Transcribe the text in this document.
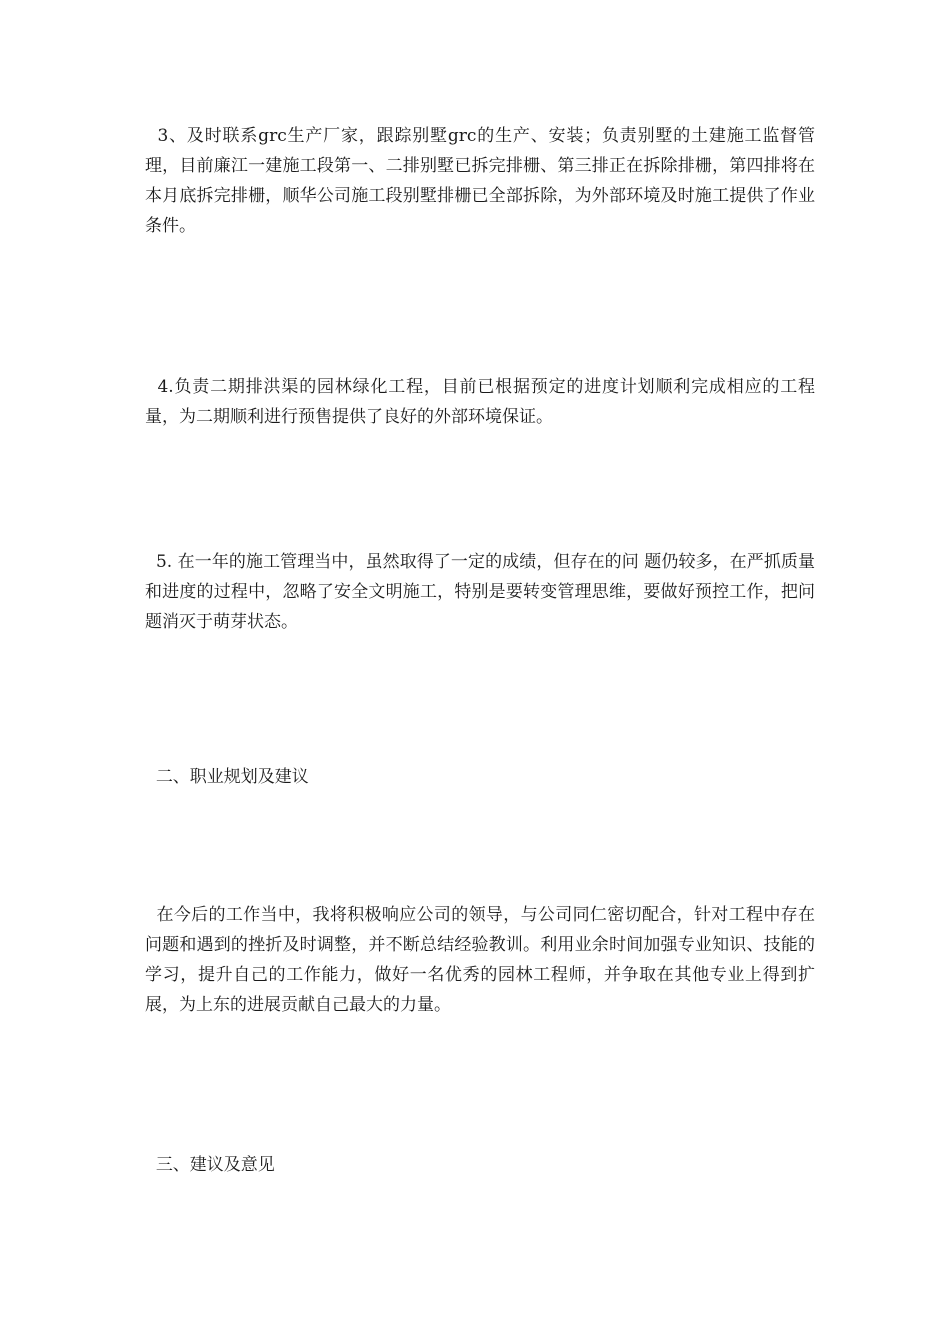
3、及时联系grc生产厂家，跟踪别墅grc的生产、安装；负责别墅的土建施工监督管理，目前廉江一建施工段第一、二排别墅已拆完排栅、第三排正在拆除排栅，第四排将在本月底拆完排栅，顺华公司施工段别墅排栅已全部拆除，为外部环境及时施工提供了作业条件。

4.负责二期排洪渠的园林绿化工程，目前已根据预定的进度计划顺利完成相应的工程量，为二期顺利进行预售提供了良好的外部环境保证。

5. 在一年的施工管理当中，虽然取得了一定的成绩，但存在的问 题仍较多，在严抓质量和进度的过程中，忽略了安全文明施工，特别是要转变管理思维，要做好预控工作，把问题消灭于萌芽状态。

二、职业规划及建议

在今后的工作当中，我将积极响应公司的领导，与公司同仁密切配合，针对工程中存在问题和遇到的挫折及时调整，并不断总结经验教训。利用业余时间加强专业知识、技能的学习，提升自己的工作能力，做好一名优秀的园林工程师，并争取在其他专业上得到扩展，为上东的进展贡献自己最大的力量。

三、建议及意见
